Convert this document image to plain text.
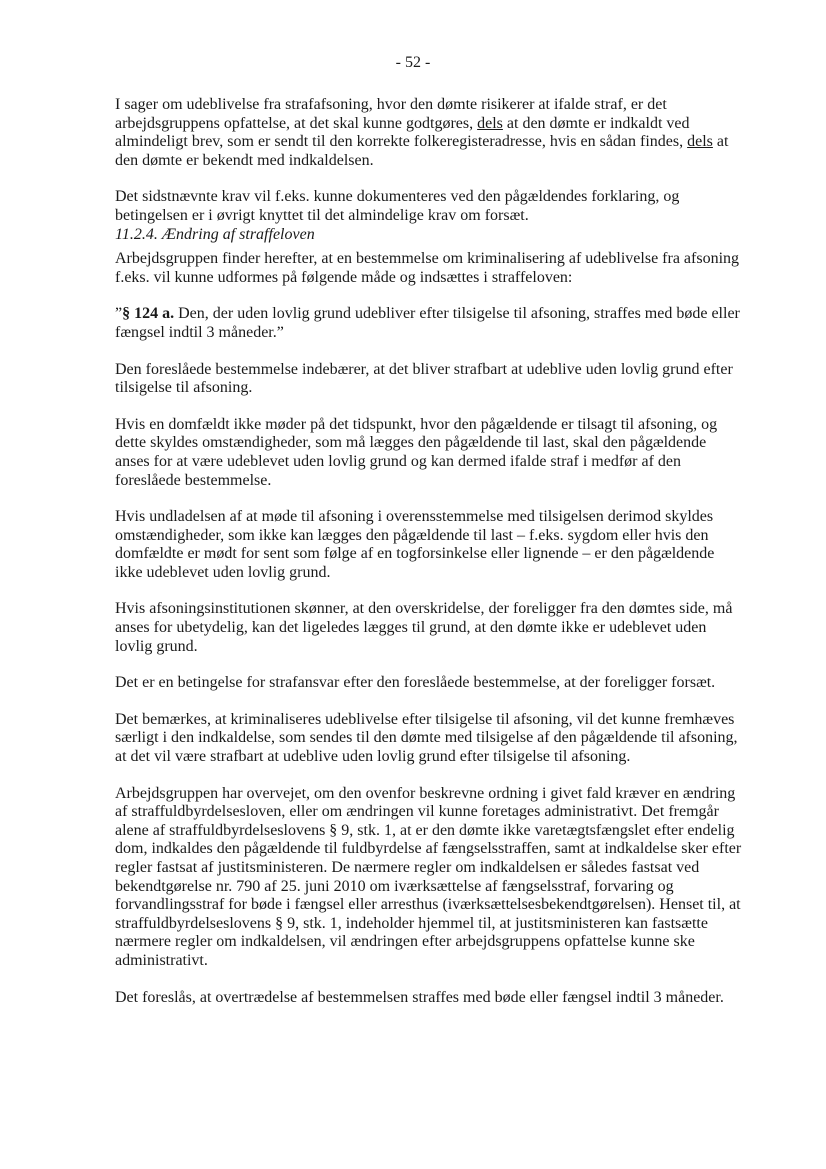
- 52 -

I sager om udeblivelse fra strafafsoning, hvor den dømte risikerer at ifalde straf, er det arbejdsgruppens opfattelse, at det skal kunne godtgøres, dels at den dømte er indkaldt ved almindeligt brev, som er sendt til den korrekte folkeregisteradresse, hvis en sådan findes, dels at den dømte er bekendt med indkaldelsen.

Det sidstnævnte krav vil f.eks. kunne dokumenteres ved den pågældendes forklaring, og betingelsen er i øvrigt knyttet til det almindelige krav om forsæt.

11.2.4. Ændring af straffeloven

Arbejdsgruppen finder herefter, at en bestemmelse om kriminalisering af udeblivelse fra afsoning f.eks. vil kunne udformes på følgende måde og indsættes i straffeloven:

”§ 124 a. Den, der uden lovlig grund udebliver efter tilsigelse til afsoning, straffes med bøde eller fængsel indtil 3 måneder.”

Den foreslåede bestemmelse indebærer, at det bliver strafbart at udeblive uden lovlig grund efter tilsigelse til afsoning.

Hvis en domfældt ikke møder på det tidspunkt, hvor den pågældende er tilsagt til afsoning, og dette skyldes omstændigheder, som må lægges den pågældende til last, skal den pågældende anses for at være udeblevet uden lovlig grund og kan dermed ifalde straf i medfør af den foreslåede bestemmelse.

Hvis undladelsen af at møde til afsoning i overensstemmelse med tilsigelsen derimod skyldes omstændigheder, som ikke kan lægges den pågældende til last – f.eks. sygdom eller hvis den domfældte er mødt for sent som følge af en togforsinkelse eller lignende – er den pågældende ikke udeblevet uden lovlig grund.

Hvis afsoningsinstitutionen skønner, at den overskridelse, der foreligger fra den dømtes side, må anses for ubetydelig, kan det ligeledes lægges til grund, at den dømte ikke er udeblevet uden lovlig grund.

Det er en betingelse for strafansvar efter den foreslåede bestemmelse, at der foreligger forsæt.

Det bemærkes, at kriminaliseres udeblivelse efter tilsigelse til afsoning, vil det kunne fremhæves særligt i den indkaldelse, som sendes til den dømte med tilsigelse af den pågældende til afsoning, at det vil være strafbart at udeblive uden lovlig grund efter tilsigelse til afsoning.

Arbejdsgruppen har overvejet, om den ovenfor beskrevne ordning i givet fald kræver en ændring af straffuldbyrdelsesloven, eller om ændringen vil kunne foretages administrativt. Det fremgår alene af straffuldbyrdelseslovens § 9, stk. 1, at er den dømte ikke varetægtsfængslet efter endelig dom, indkaldes den pågældende til fuldbyrdelse af fængselsstraffen, samt at indkaldelse sker efter regler fastsat af justitsministeren. De nærmere regler om indkaldelsen er således fastsat ved bekendtgørelse nr. 790 af 25. juni 2010 om iværksættelse af fængselsstraf, forvaring og forvandlingsstraf for bøde i fængsel eller arresthus (iværksættelsesbekendtgørelsen). Henset til, at straffuldbyrdelseslovens § 9, stk. 1, indeholder hjemmel til, at justitsministeren kan fastsætte nærmere regler om indkaldelsen, vil ændringen efter arbejdsgruppens opfattelse kunne ske administrativt.

Det foreslås, at overtrædelse af bestemmelsen straffes med bøde eller fængsel indtil 3 måneder.
